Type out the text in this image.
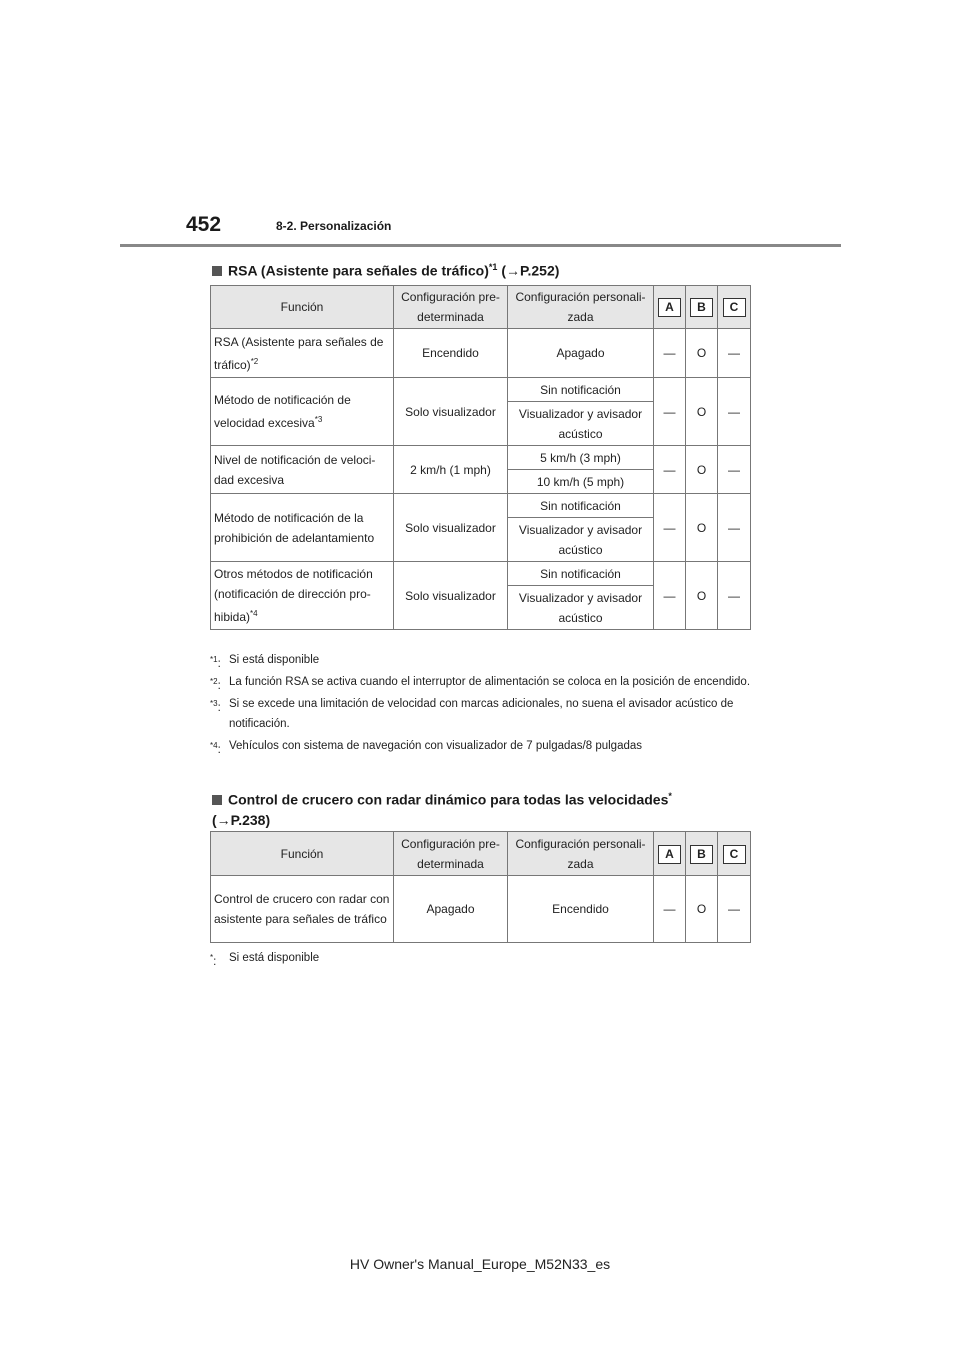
452	8-2. Personalización
RSA (Asistente para señales de tráfico)$^{*1}$ (→P.252)
Función	Configuración pre-determinada	Configuración personali-zada	A	B	C
RSA (Asistente para señales de tráfico)$^{*2}$	Encendido	Apagado	—	O	—
Método de notificación de velocidad excesiva$^{*3}$	Solo visualizador	Sin notificación	—	O	—
		Visualizador y avisador acústico			
Nivel de notificación de veloci-dad excesiva	2 km/h (1 mph)	5 km/h (3 mph)	—	O	—
		10 km/h (5 mph)			
Método de notificación de la prohibición de adelantamiento	Solo visualizador	Sin notificación	—	O	—
		Visualizador y avisador acústico			
Otros métodos de notificación (notificación de dirección pro-hibida)$^{*4}$	Solo visualizador	Sin notificación	—	O	—
		Visualizador y avisador acústico			
$^{*1}$: Si está disponible
$^{*2}$: La función RSA se activa cuando el interruptor de alimentación se coloca en la posición de encendido.
$^{*3}$: Si se excede una limitación de velocidad con marcas adicionales, no suena el avisador acústico de notificación.
$^{*4}$: Vehículos con sistema de navegación con visualizador de 7 pulgadas/8 pulgadas
Control de crucero con radar dinámico para todas las velocidades*
(→P.238)
Función	Configuración pre-determinada	Configuración personali-zada	A	B	C
Control de crucero con radar con asistente para señales de tráfico	Apagado	Encendido	—	O	—
*: Si está disponible
HV Owner's Manual_Europe_M52N33_es
